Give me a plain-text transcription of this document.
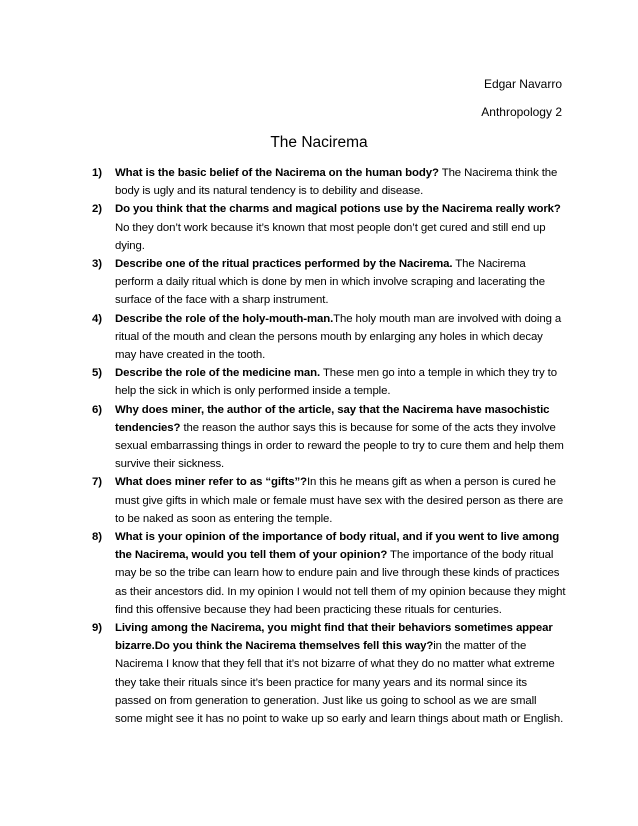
Edgar Navarro
Anthropology 2
The Nacirema
1) What is the basic belief of the Nacirema on the human body? The Nacirema think the body is ugly and its natural tendency is to debility and disease.
2) Do you think that the charms and magical potions use by the Nacirema really work? No they don’t work because it’s known that most people don’t get cured and still end up dying.
3) Describe one of the ritual practices performed by the Nacirema. The Nacirema perform a daily ritual which is done by men in which involve scraping and lacerating the surface of the face with a sharp instrument.
4) Describe the role of the holy-mouth-man.The holy mouth man are involved with doing a ritual of the mouth and clean the persons mouth by enlarging any holes in which decay may have created in the tooth.
5) Describe the role of the medicine man. These men go into a temple in which they try to help the sick in which is only performed inside a temple.
6) Why does miner, the author of the article, say that the Nacirema have masochistic tendencies? the reason the author says this is because for some of the acts they involve sexual embarrassing things in order to reward the people to try to cure them and help them survive their sickness.
7) What does miner refer to as “gifts”?In this he means gift as when a person is cured he must give gifts in which male or female must have sex with the desired person as there are to be naked as soon as entering the temple.
8) What is your opinion of the importance of body ritual, and if you went to live among the Nacirema, would you tell them of your opinion? The importance of the body ritual may be so the tribe can learn how to endure pain and live through these kinds of practices as their ancestors did. In my opinion I would not tell them of my opinion because they might find this offensive because they had been practicing these rituals for centuries.
9) Living among the Nacirema, you might find that their behaviors sometimes appear bizarre.Do you think the Nacirema themselves fell this way?in the matter of the Nacirema I know that they fell that it’s not bizarre of what they do no matter what extreme they take their rituals since it’s been practice for many years and its normal since its passed on from generation to generation. Just like us going to school as we are small some might see it has no point to wake up so early and learn things about math or English.
